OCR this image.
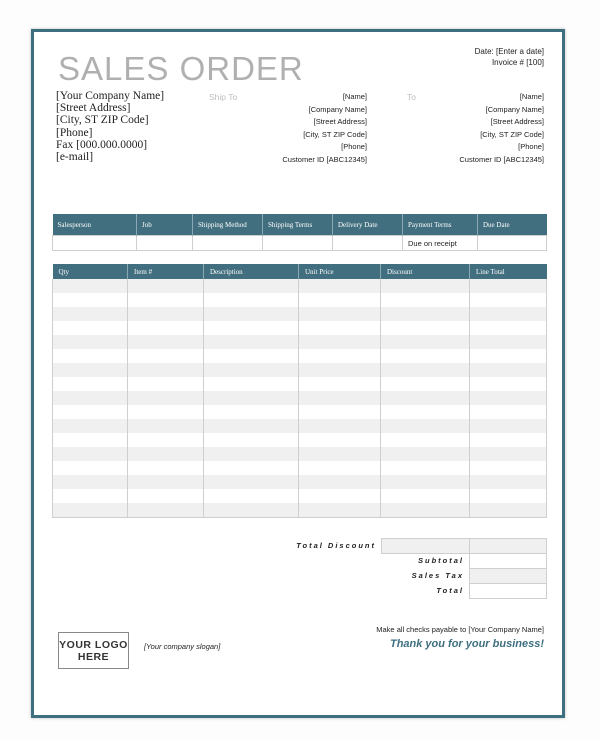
SALES ORDER	Date: [Enter a date]
Invoice # [100]
[Your Company Name]
[Street Address]
[City, ST ZIP Code]
[Phone]
Fax [000.000.0000]
[e-mail]
Ship To	[Name]
[Company Name]
[Street Address]
[City, ST ZIP Code]
[Phone]
Customer ID [ABC12345]
To	[Name]
[Company Name]
[Street Address]
[City, ST ZIP Code]
[Phone]
Customer ID [ABC12345]
Salesperson	Job	Shipping Method	Shipping Terms	Delivery Date	Payment Terms	Due Date
					Due on receipt	
Qty	Item #	Description	Unit Price	Discount	Line Total

Total Discount
Subtotal
Sales Tax
Total
YOUR LOGO
HERE
[Your company slogan]
Make all checks payable to [Your Company Name]
Thank you for your business!
